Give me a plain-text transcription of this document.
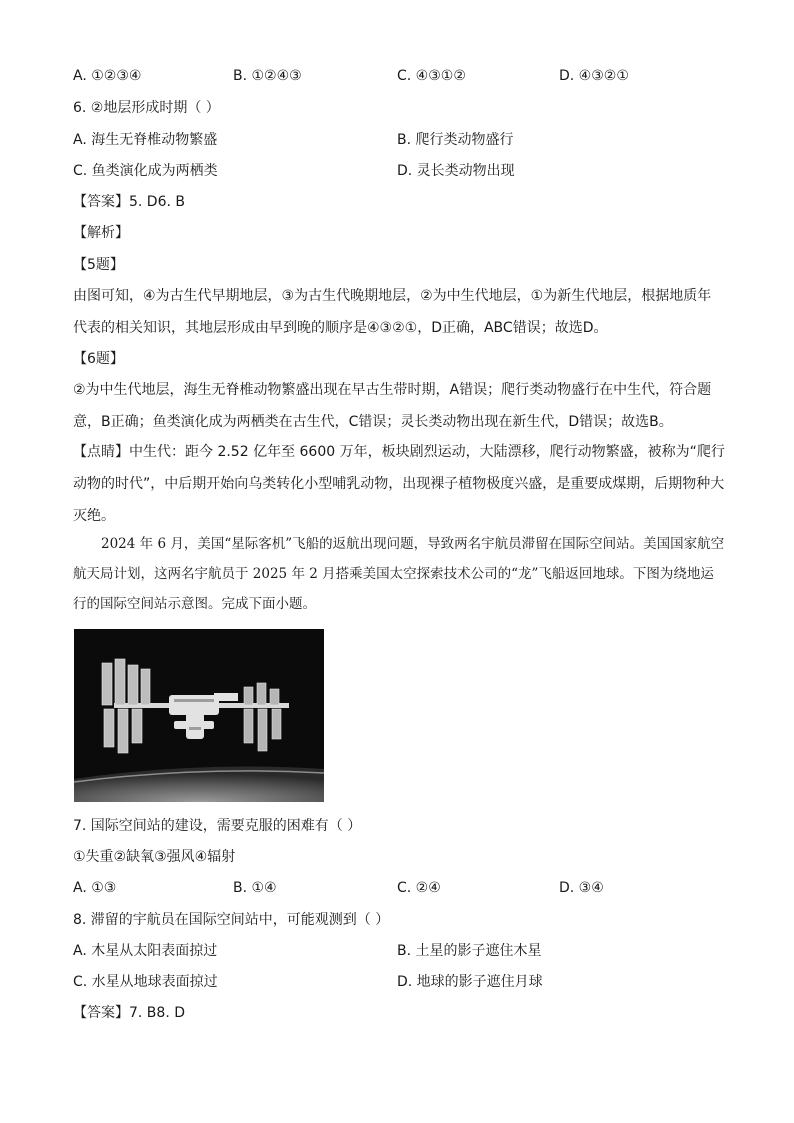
A. ①②③④	B. ①②④③	C. ④③①②	D. ④③②①
6. ②地层形成时期（ ）
A. 海生无脊椎动物繁盛	B. 爬行类动物盛行
C. 鱼类演化成为两栖类	D. 灵长类动物出现
【答案】5. D6. B
【解析】
【5题】
由图可知，④为古生代早期地层，③为古生代晚期地层，②为中生代地层，①为新生代地层，根据地质年代表的相关知识，其地层形成由早到晚的顺序是④③②①，D正确，ABC错误；故选D。
【6题】
②为中生代地层，海生无脊椎动物繁盛出现在早古生带时期，A错误；爬行类动物盛行在中生代，符合题意，B正确；鱼类演化成为两栖类在古生代，C错误；灵长类动物出现在新生代，D错误；故选B。
【点睛】中生代：距今 2.52 亿年至 6600 万年，板块剧烈运动，大陆漂移，爬行动物繁盛，被称为“爬行动物的时代”，中后期开始向乌类转化小型哺乳动物，出现裸子植物极度兴盛，是重要成煤期，后期物种大灭绝。
2024 年 6 月，美国“星际客机”飞船的返航出现问题，导致两名宇航员滞留在国际空间站。美国国家航空航天局计划，这两名宇航员于 2025 年 2 月搭乘美国太空探索技术公司的“龙”飞船返回地球。下图为绕地运行的国际空间站示意图。完成下面小题。
7. 国际空间站的建设，需要克服的困难有（ ）
①失重②缺氧③强风④辐射
A. ①③	B. ①④	C. ②④	D. ③④
8. 滞留的宇航员在国际空间站中，可能观测到（ ）
A. 木星从太阳表面掠过	B. 土星的影子遮住木星
C. 水星从地球表面掠过	D. 地球的影子遮住月球
【答案】7. B8. D
